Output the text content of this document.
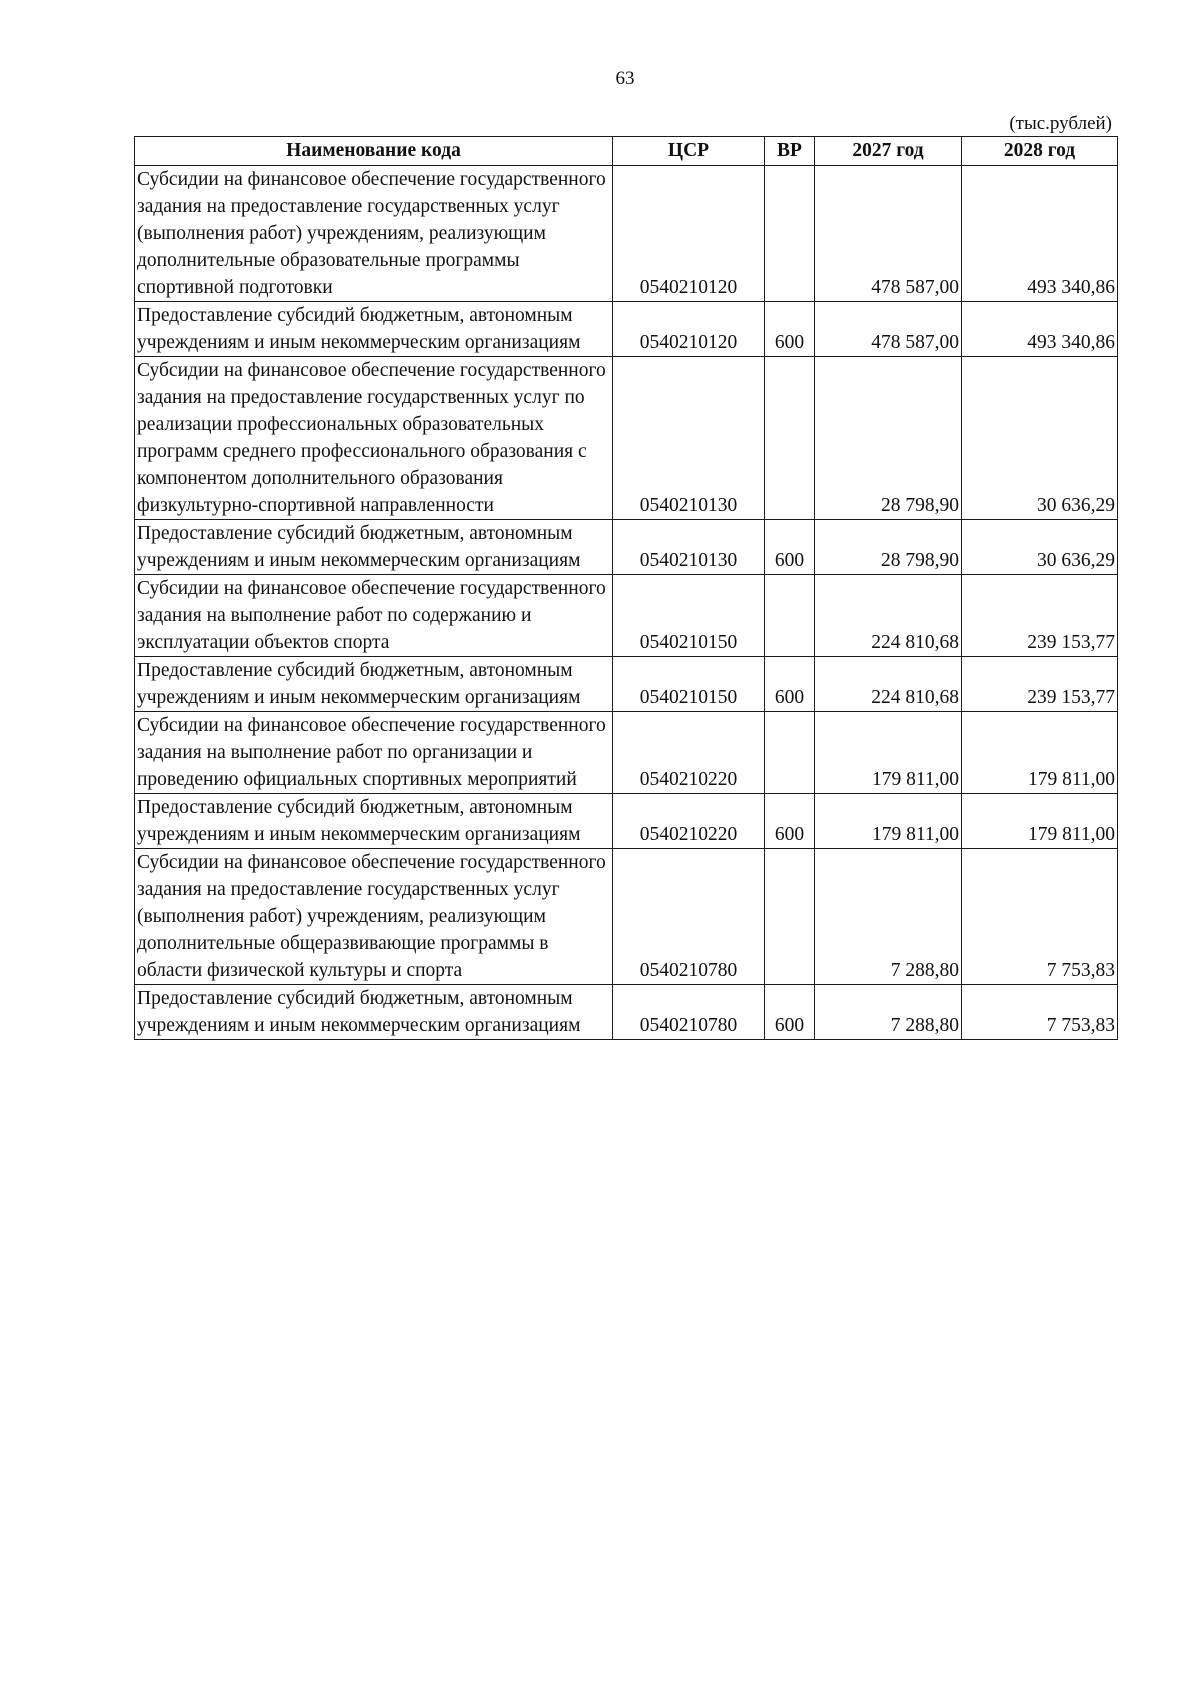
63
(тыс.рублей)
Наименование кода	ЦСР	ВР	2027 год	2028 год
Субсидии на финансовое обеспечение государственного задания на предоставление государственных услуг (выполнения работ) учреждениям, реализующим дополнительные образовательные программы спортивной подготовки	0540210120		478 587,00	493 340,86
Предоставление субсидий бюджетным, автономным учреждениям и иным некоммерческим организациям	0540210120	600	478 587,00	493 340,86
Субсидии на финансовое обеспечение государственного задания на предоставление государственных услуг по реализации профессиональных образовательных программ среднего профессионального образования с компонентом дополнительного образования физкультурно-спортивной направленности	0540210130		28 798,90	30 636,29
Предоставление субсидий бюджетным, автономным учреждениям и иным некоммерческим организациям	0540210130	600	28 798,90	30 636,29
Субсидии на финансовое обеспечение государственного задания на выполнение работ по содержанию и эксплуатации объектов спорта	0540210150		224 810,68	239 153,77
Предоставление субсидий бюджетным, автономным учреждениям и иным некоммерческим организациям	0540210150	600	224 810,68	239 153,77
Субсидии на финансовое обеспечение государственного задания на выполнение работ по организации и проведению официальных спортивных мероприятий	0540210220		179 811,00	179 811,00
Предоставление субсидий бюджетным, автономным учреждениям и иным некоммерческим организациям	0540210220	600	179 811,00	179 811,00
Субсидии на финансовое обеспечение государственного задания на предоставление государственных услуг (выполнения работ) учреждениям, реализующим дополнительные общеразвивающие программы в области физической культуры и спорта	0540210780		7 288,80	7 753,83
Предоставление субсидий бюджетным, автономным учреждениям и иным некоммерческим организациям	0540210780	600	7 288,80	7 753,83
